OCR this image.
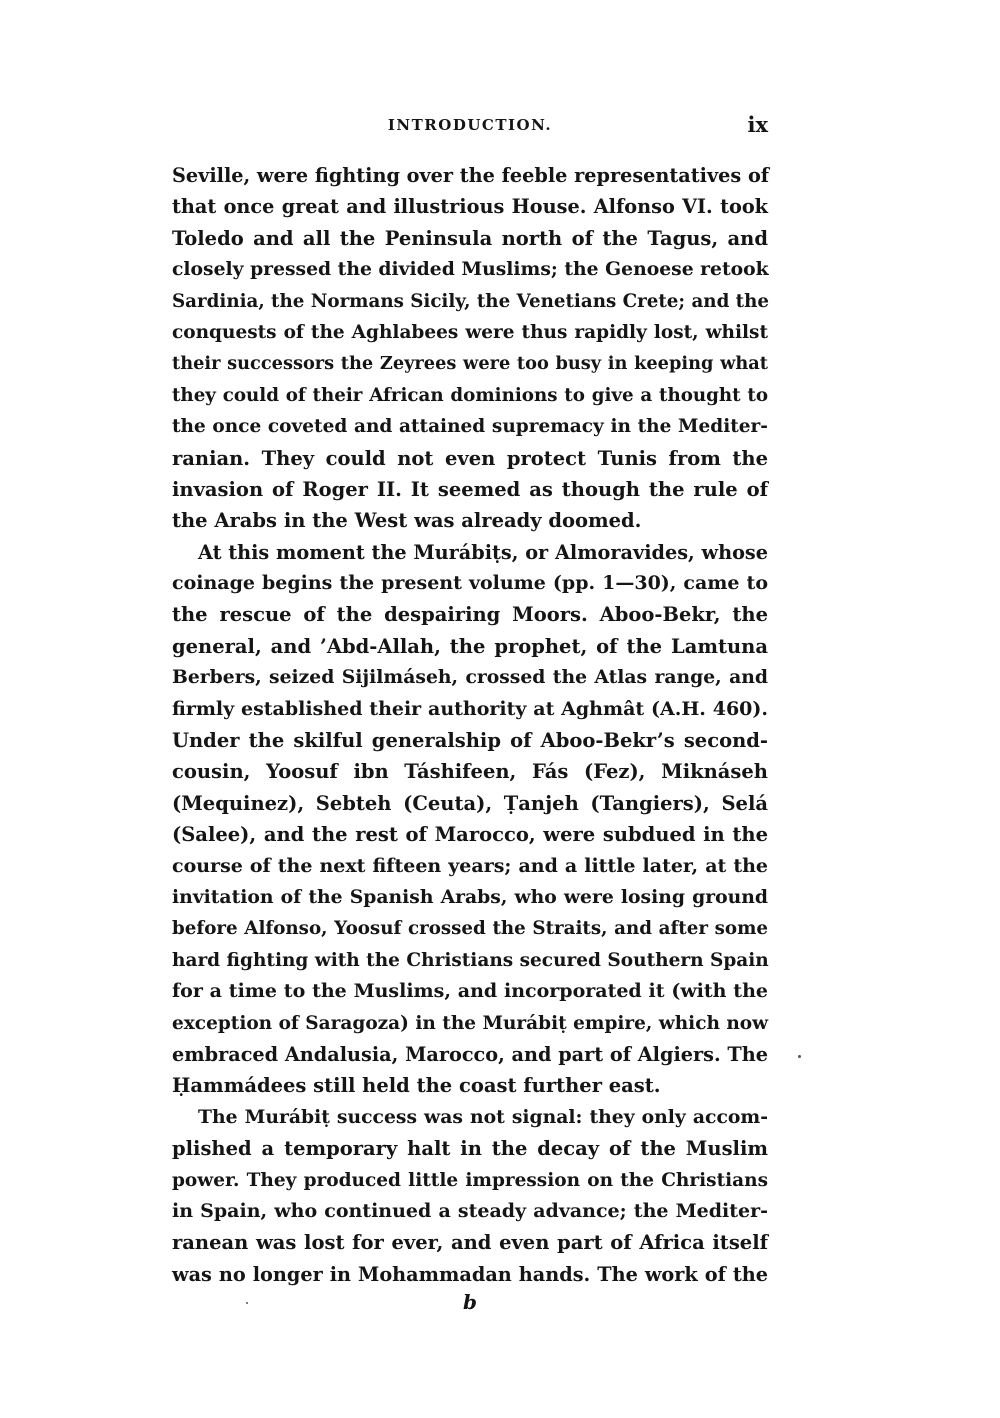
INTRODUCTION.	ix
Seville, were fighting over the feeble representatives of
that once great and illustrious House. Alfonso VI. took
Toledo and all the Peninsula north of the Tagus, and
closely pressed the divided Muslims; the Genoese retook
Sardinia, the Normans Sicily, the Venetians Crete; and the
conquests of the Aghlabees were thus rapidly lost, whilst
their successors the Zeyrees were too busy in keeping what
they could of their African dominions to give a thought to
the once coveted and attained supremacy in the Mediter-
ranian. They could not even protect Tunis from the
invasion of Roger II. It seemed as though the rule of
the Arabs in the West was already doomed.
At this moment the Murábiṭs, or Almoravides, whose
coinage begins the present volume (pp. 1—30), came to
the rescue of the despairing Moors. Aboo-Bekr, the
general, and ’Abd-Allah, the prophet, of the Lamtuna
Berbers, seized Sijilmáseh, crossed the Atlas range, and
firmly established their authority at Aghmât (A.H. 460).
Under the skilful generalship of Aboo-Bekr’s second-
cousin, Yoosuf ibn Táshifeen, Fás (Fez), Miknáseh
(Mequinez), Sebteh (Ceuta), Ṭanjeh (Tangiers), Selá
(Salee), and the rest of Marocco, were subdued in the
course of the next fifteen years; and a little later, at the
invitation of the Spanish Arabs, who were losing ground
before Alfonso, Yoosuf crossed the Straits, and after some
hard fighting with the Christians secured Southern Spain
for a time to the Muslims, and incorporated it (with the
exception of Saragoza) in the Murábiṭ empire, which now
embraced Andalusia, Marocco, and part of Algiers. The
Ḥammádees still held the coast further east.
The Murábiṭ success was not signal: they only accom-
plished a temporary halt in the decay of the Muslim
power. They produced little impression on the Christians
in Spain, who continued a steady advance; the Mediter-
ranean was lost for ever, and even part of Africa itself
was no longer in Mohammadan hands. The work of the
b
